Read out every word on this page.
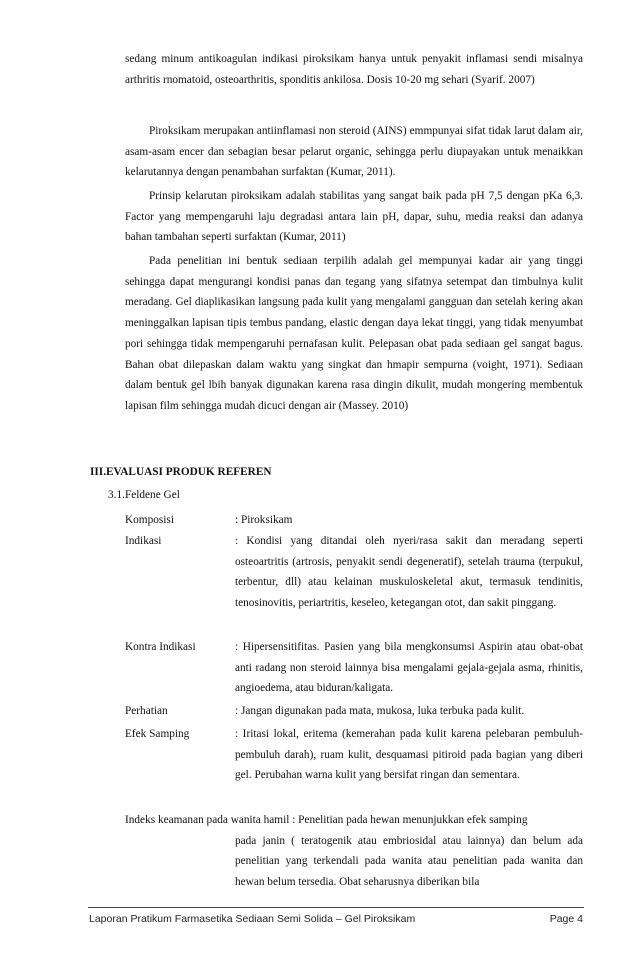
sedang minum antikoagulan indikasi piroksikam hanya untuk penyakit inflamasi sendi misalnya arthritis rnomatoid, osteoarthritis, sponditis ankilosa. Dosis 10-20 mg sehari (Syarif. 2007)

Piroksikam merupakan antiinflamasi non steroid (AINS) emmpunyai sifat tidak larut dalam air, asam-asam encer dan sebagian besar pelarut organic, sehingga perlu diupayakan untuk menaikkan kelarutannya dengan penambahan surfaktan (Kumar, 2011).

Prinsip kelarutan piroksikam adalah stabilitas yang sangat baik pada pH 7,5 dengan pKa 6,3. Factor yang mempengaruhi laju degradasi antara lain pH, dapar, suhu, media reaksi dan adanya bahan tambahan seperti surfaktan (Kumar, 2011)

Pada penelitian ini bentuk sediaan terpilih adalah gel mempunyai kadar air yang tinggi sehingga dapat mengurangi kondisi panas dan tegang yang sifatnya setempat dan timbulnya kulit meradang. Gel diaplikasikan langsung pada kulit yang mengalami gangguan dan setelah kering akan meninggalkan lapisan tipis tembus pandang, elastic dengan daya lekat tinggi, yang tidak menyumbat pori sehingga tidak mempengaruhi pernafasan kulit. Pelepasan obat pada sediaan gel sangat bagus. Bahan obat dilepaskan dalam waktu yang singkat dan hmapir sempurna (voight, 1971). Sediaan dalam bentuk gel lbih banyak digunakan karena rasa dingin dikulit, mudah mongering membentuk lapisan film sehingga mudah dicuci dengan air (Massey. 2010)

III.EVALUASI PRODUK REFEREN

3.1.Feldene Gel

Komposisi	: Piroksikam
Indikasi	: Kondisi yang ditandai oleh nyeri/rasa sakit dan meradang seperti osteoartritis (artrosis, penyakit sendi degeneratif), setelah trauma (terpukul, terbentur, dll) atau kelainan muskuloskeletal akut, termasuk tendinitis, tenosinovitis, periartritis, keseleo, ketegangan otot, dan sakit pinggang.
Kontra Indikasi	: Hipersensitifitas. Pasien yang bila mengkonsumsi Aspirin atau obat-obat anti radang non steroid lainnya bisa mengalami gejala-gejala asma, rhinitis, angioedema, atau biduran/kaligata.
Perhatian	: Jangan digunakan pada mata, mukosa, luka terbuka pada kulit.
Efek Samping	: Iritasi lokal, eritema (kemerahan pada kulit karena pelebaran pembuluh-pembuluh darah), ruam kulit, desquamasi pitiroid pada bagian yang diberi gel. Perubahan warna kulit yang bersifat ringan dan sementara.
Indeks keamanan pada wanita hamil : Penelitian pada hewan menunjukkan efek samping
pada janin ( teratogenik atau embriosidal atau lainnya) dan belum ada penelitian yang terkendali pada wanita atau penelitian pada wanita dan hewan belum tersedia. Obat seharusnya diberikan bila
Laporan Pratikum Farmasetika Sediaan Semi Solida – Gel Piroksikam	Page 4
